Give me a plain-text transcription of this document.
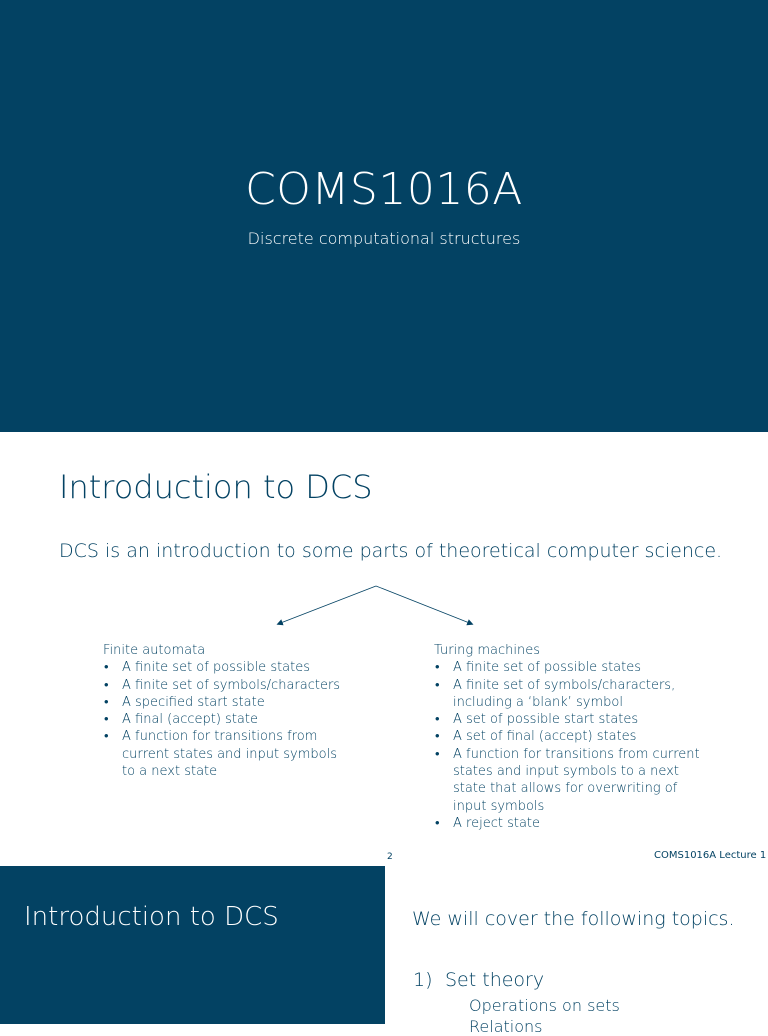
COMS1016A
Discrete computational structures
Introduction to DCS
DCS is an introduction to some parts of theoretical computer science.

Finite automata

• A finite set of possible states
• A finite set of symbols/characters
• A specified start state
• A final (accept) state
• A function for transitions from current states and input symbols to a next state

Turing machines

• A finite set of possible states
• A finite set of symbols/characters, including a ‘blank’ symbol
• A set of possible start states
• A set of final (accept) states
• A function for transitions from current states and input symbols to a next state that allows for overwriting of input symbols
• A reject state
2	COMS1016A Lecture 1
Introduction to DCS	We will cover the following topics.
1) Set theory
Operations on sets
Relations
